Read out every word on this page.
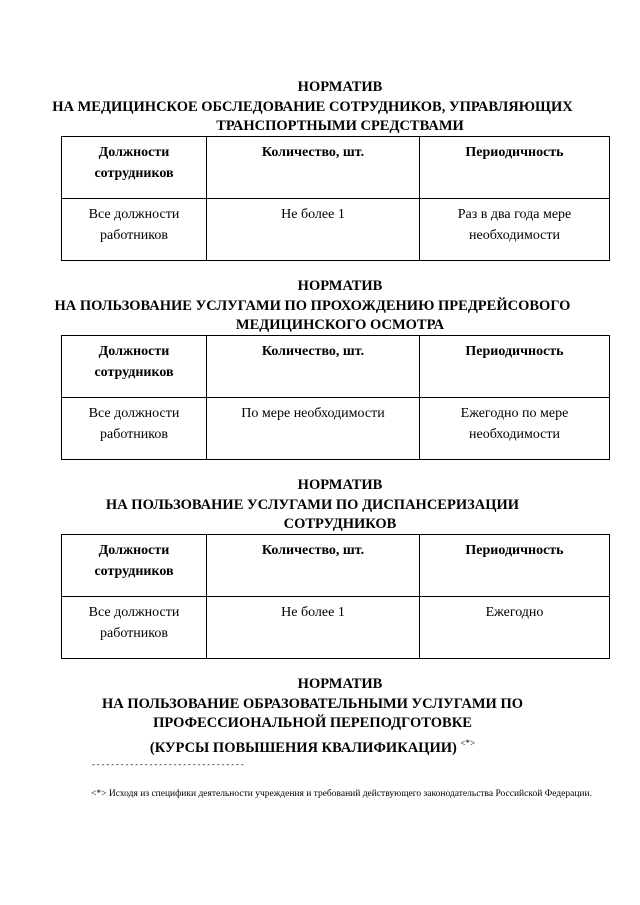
НОРМАТИВ
НА МЕДИЦИНСКОЕ ОБСЛЕДОВАНИЕ СОТРУДНИКОВ, УПРАВЛЯЮЩИХ
ТРАНСПОРТНЫМИ СРЕДСТВАМИ
Должности сотрудников	Количество, шт.	Периодичность
Все должности работников	Не более 1	Раз в два года мере необходимости
НОРМАТИВ
НА ПОЛЬЗОВАНИЕ УСЛУГАМИ ПО ПРОХОЖДЕНИЮ ПРЕДРЕЙСОВОГО
МЕДИЦИНСКОГО ОСМОТРА
Должности сотрудников	Количество, шт.	Периодичность
Все должности работников	По мере необходимости	Ежегодно по мере необходимости
НОРМАТИВ
НА ПОЛЬЗОВАНИЕ УСЛУГАМИ ПО ДИСПАНСЕРИЗАЦИИ
СОТРУДНИКОВ
Должности сотрудников	Количество, шт.	Периодичность
Все должности работников	Не более 1	Ежегодно
НОРМАТИВ
НА ПОЛЬЗОВАНИЕ ОБРАЗОВАТЕЛЬНЫМИ УСЛУГАМИ ПО
ПРОФЕССИОНАЛЬНОЙ ПЕРЕПОДГОТОВКЕ
(КУРСЫ ПОВЫШЕНИЯ КВАЛИФИКАЦИИ) <*>
--------------------------------
<*> Исходя из специфики деятельности учреждения и требований действующего законодательства Российской Федерации.
